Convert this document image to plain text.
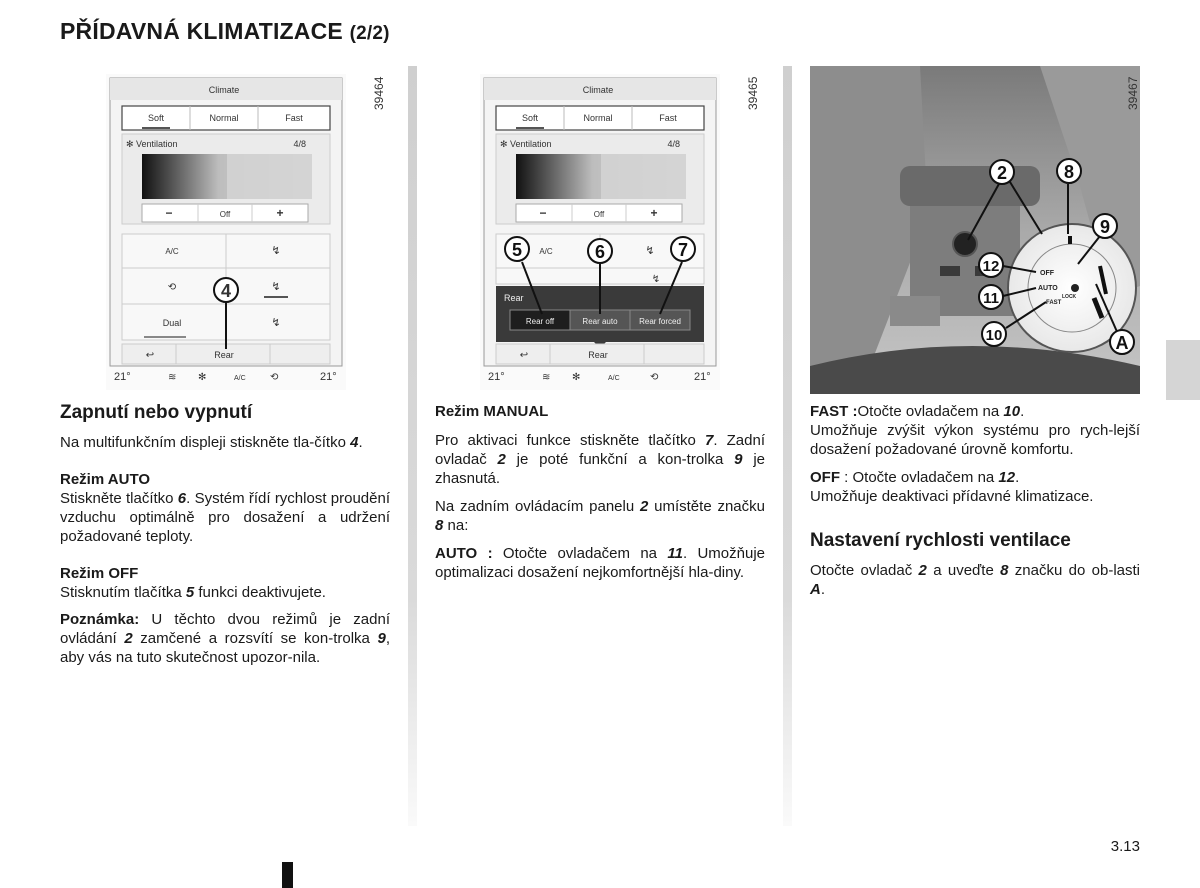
PŘÍDAVNÁ KLIMATIZACE (2/2)
Climate
Soft	Normal	Fast
✻ Ventilation	4/8
−	Off	+
A/C	↯
⟲	↯
Dual	↯
↩	Rear
21°	≋ ✻	A/C ⟲	21°
4
39464	Climate
Soft	Normal	Fast
✻ Ventilation	4/8
−	Off	+
A/C	↯
↯
Rear
Rear off	Rear auto	Rear forced
↩	Rear
21°	≋ ✻	A/C	⟲	21°
5	6	7
39465
OFF
AUTO
FAST
LOCK
2	8
9
12
11
10	A
39467
Zapnutí nebo vypnutí

Na multifunkčním displeji stiskněte tla-čítko 4.

Režim AUTO

Stiskněte tlačítko 6. Systém řídí rychlost proudění vzduchu optimálně pro dosažení a udržení požadované teploty.

Režim OFF

Stisknutím tlačítka 5 funkci deaktivujete.

Poznámka: U těchto dvou režimů je zadní ovládání 2 zamčené a rozsvítí se kon-trolka 9, aby vás na tuto skutečnost upozor-nila.

Režim MANUAL

Pro aktivaci funkce stiskněte tlačítko 7. Zadní ovladač 2 je poté funkční a kon-trolka 9 je zhasnutá.

Na zadním ovládacím panelu 2 umístěte značku 8 na:

AUTO : Otočte ovladačem na 11. Umožňuje optimalizaci dosažení nejkomfortnější hla-diny.

FAST :Otočte ovladačem na 10.
Umožňuje zvýšit výkon systému pro rych-lejší dosažení požadované úrovně komfortu.

OFF : Otočte ovladačem na 12.
Umožňuje deaktivaci přídavné klimatizace.

Nastavení rychlosti ventilace

Otočte ovladač 2 a uveďte 8 značku do ob-lasti A.

3.13
